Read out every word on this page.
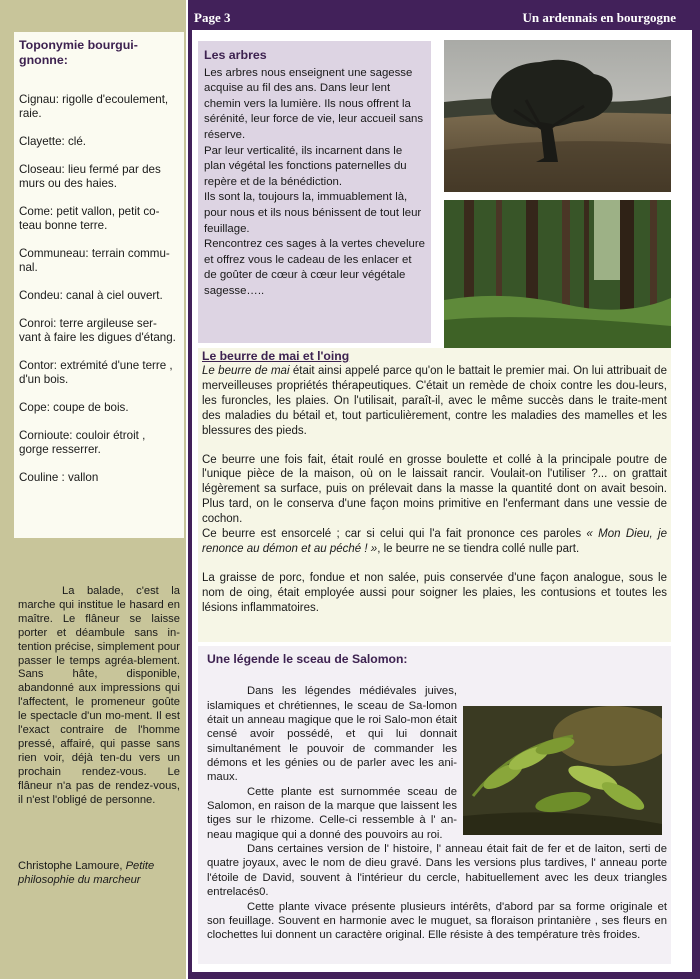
Toponymie bourgui-gnonne:
Cignau: rigolle d'ecoulement, raie.
Clayette: clé.
Closeau: lieu fermé par des murs ou des haies.
Come: petit vallon, petit co-teau bonne terre.
Communeau: terrain commu-nal.
Condeu: canal à ciel ouvert.
Conroi: terre argileuse ser-vant à faire les digues d'étang.
Contor: extrémité d'une terre , d'un bois.
Cope: coupe de bois.
Cornioute: couloir étroit , gorge resserrer.
Couline : vallon

La balade, c'est la marche qui institue le hasard en maître. Le flâneur se laisse porter et déambule sans in-tention précise, simplement pour passer le temps agréa-blement. Sans hâte, disponible, abandonné aux impressions qui l'affectent, le promeneur goûte le spectacle d'un mo-ment. Il est l'exact contraire de l'homme pressé, affairé, qui passe sans rien voir, déjà ten-du vers un prochain rendez-vous. Le flâneur n'a pas de rendez-vous, il n'est l'obligé de personne.

Christophe Lamoure, Petite philosophie du marcheur
Page 3	Un ardennais en bourgogne
Les arbres

Les arbres nous enseignent une sagesse acquise au fil des ans. Dans leur lent chemin vers la lumière. Ils nous offrent la sérénité, leur force de vie, leur accueil sans réserve.

Par leur verticalité, ils incarnent dans le plan végétal les fonctions paternelles du repère et de la bénédiction.

Ils sont la, toujours la, immuablement là, pour nous et ils nous bénissent de tout leur feuillage.

Rencontrez ces sages à la vertes chevelure et offrez vous le cadeau de les enlacer et de goûter de cœur à cœur leur végétale sagesse…..

Le beurre de mai et l'oing

Le beurre de mai était ainsi appelé parce qu'on le battait le premier mai. On lui attribuait de merveilleuses propriétés thérapeutiques. C'était un remède de choix contre les dou-leurs, les furoncles, les plaies. On l'utilisait, paraît-il, avec le même succès dans le traite-ment des maladies du bétail et, tout particulièrement, contre les maladies des mamelles et les blessures des pieds.

Ce beurre une fois fait, était roulé en grosse boulette et collé à la principale poutre de l'unique pièce de la maison, où on le laissait rancir. Voulait-on l'utiliser ?... on grattait légèrement sa surface, puis on prélevait dans la masse la quantité dont on avait besoin. Plus tard, on le conserva d'une façon moins primitive en l'enfermant dans une vessie de cochon.

Ce beurre est ensorcelé ; car si celui qui l'a fait prononce ces paroles « Mon Dieu, je renonce au démon et au péché ! », le beurre ne se tiendra collé nulle part.

La graisse de porc, fondue et non salée, puis conservée d'une façon analogue, sous le nom de oing, était employée aussi pour soigner les plaies, les contusions et toutes les lésions inflammatoires.

Une légende le sceau de Salomon:

Dans les légendes médiévales juives, islamiques et chrétiennes, le sceau de Sa-lomon était un anneau magique que le roi Salo-mon était censé avoir possédé, et qui lui donnait simultanément le pouvoir de commander les démons et les génies ou de parler avec les ani-maux.

Cette plante est surnommée sceau de Salomon, en raison de la marque que laissent les tiges sur le rhizome. Celle-ci ressemble à l' an-neau magique qui a donné des pouvoirs au roi.

Dans certaines version de l' histoire, l' anneau était fait de fer et de laiton, serti de quatre joyaux, avec le nom de dieu gravé. Dans les versions plus tardives, l' anneau porte l'étoile de David, souvent à l'intérieur du cercle, habituellement avec les deux triangles entrelacés0.

Cette plante vivace présente plusieurs intérêts, d'abord par sa forme originale et son feuillage. Souvent en harmonie avec le muguet, sa floraison printanière , ses fleurs en clochettes lui donnent un caractère original. Elle résiste à des température très froides.
